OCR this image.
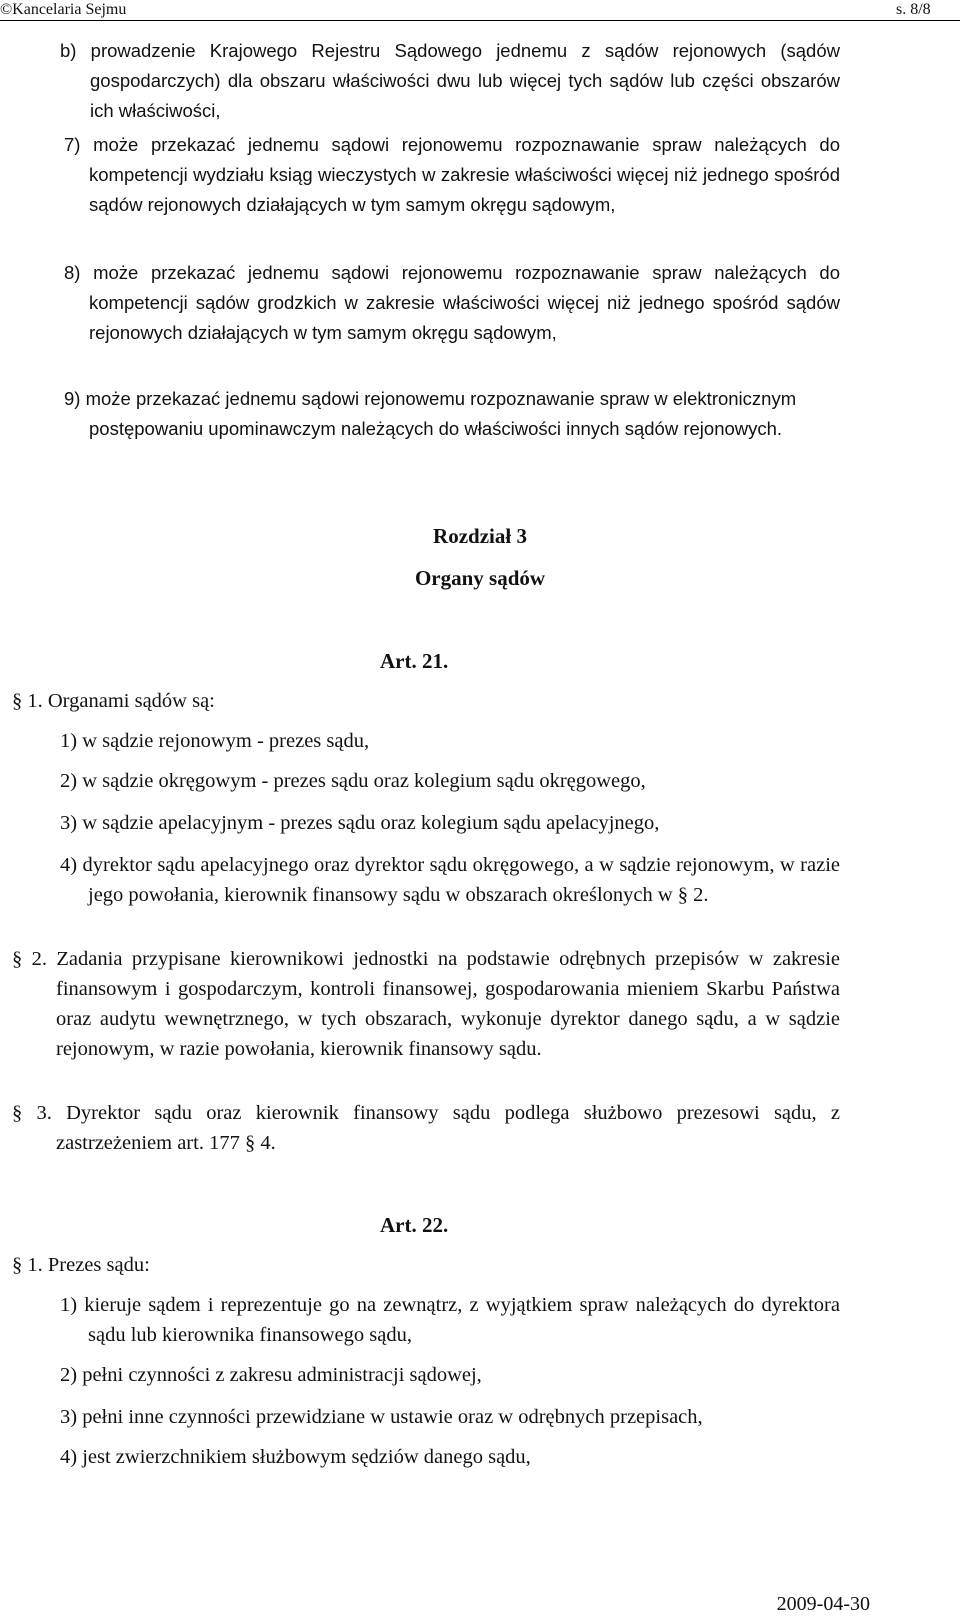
©Kancelaria Sejmu	s. 8/8
b) prowadzenie Krajowego Rejestru Sądowego jednemu z sądów rejonowych (sądów gospodarczych) dla obszaru właściwości dwu lub więcej tych sądów lub części obszarów ich właściwości,
7) może przekazać jednemu sądowi rejonowemu rozpoznawanie spraw należących do kompetencji wydziału ksiąg wieczystych w zakresie właściwości więcej niż jednego spośród sądów rejonowych działających w tym samym okręgu sądowym,
8) może przekazać jednemu sądowi rejonowemu rozpoznawanie spraw należących do kompetencji sądów grodzkich w zakresie właściwości więcej niż jednego spośród sądów rejonowych działających w tym samym okręgu sądowym,
9) może przekazać jednemu sądowi rejonowemu rozpoznawanie spraw w elektronicznym postępowaniu upominawczym należących do właściwości innych sądów rejonowych.
Rozdział 3
Organy sądów
Art. 21.
§ 1. Organami sądów są:
1) w sądzie rejonowym - prezes sądu,
2) w sądzie okręgowym - prezes sądu oraz kolegium sądu okręgowego,
3) w sądzie apelacyjnym - prezes sądu oraz kolegium sądu apelacyjnego,
4) dyrektor sądu apelacyjnego oraz dyrektor sądu okręgowego, a w sądzie rejonowym, w razie jego powołania, kierownik finansowy sądu w obszarach określonych w § 2.
§ 2. Zadania przypisane kierownikowi jednostki na podstawie odrębnych przepisów w zakresie finansowym i gospodarczym, kontroli finansowej, gospodarowania mieniem Skarbu Państwa oraz audytu wewnętrznego, w tych obszarach, wykonuje dyrektor danego sądu, a w sądzie rejonowym, w razie powołania, kierownik finansowy sądu.
§ 3. Dyrektor sądu oraz kierownik finansowy sądu podlega służbowo prezesowi sądu, z zastrzeżeniem art. 177 § 4.
Art. 22.
§ 1. Prezes sądu:
1) kieruje sądem i reprezentuje go na zewnątrz, z wyjątkiem spraw należących do dyrektora sądu lub kierownika finansowego sądu,
2) pełni czynności z zakresu administracji sądowej,
3) pełni inne czynności przewidziane w ustawie oraz w odrębnych przepisach,
4) jest zwierzchnikiem służbowym sędziów danego sądu,
2009-04-30
